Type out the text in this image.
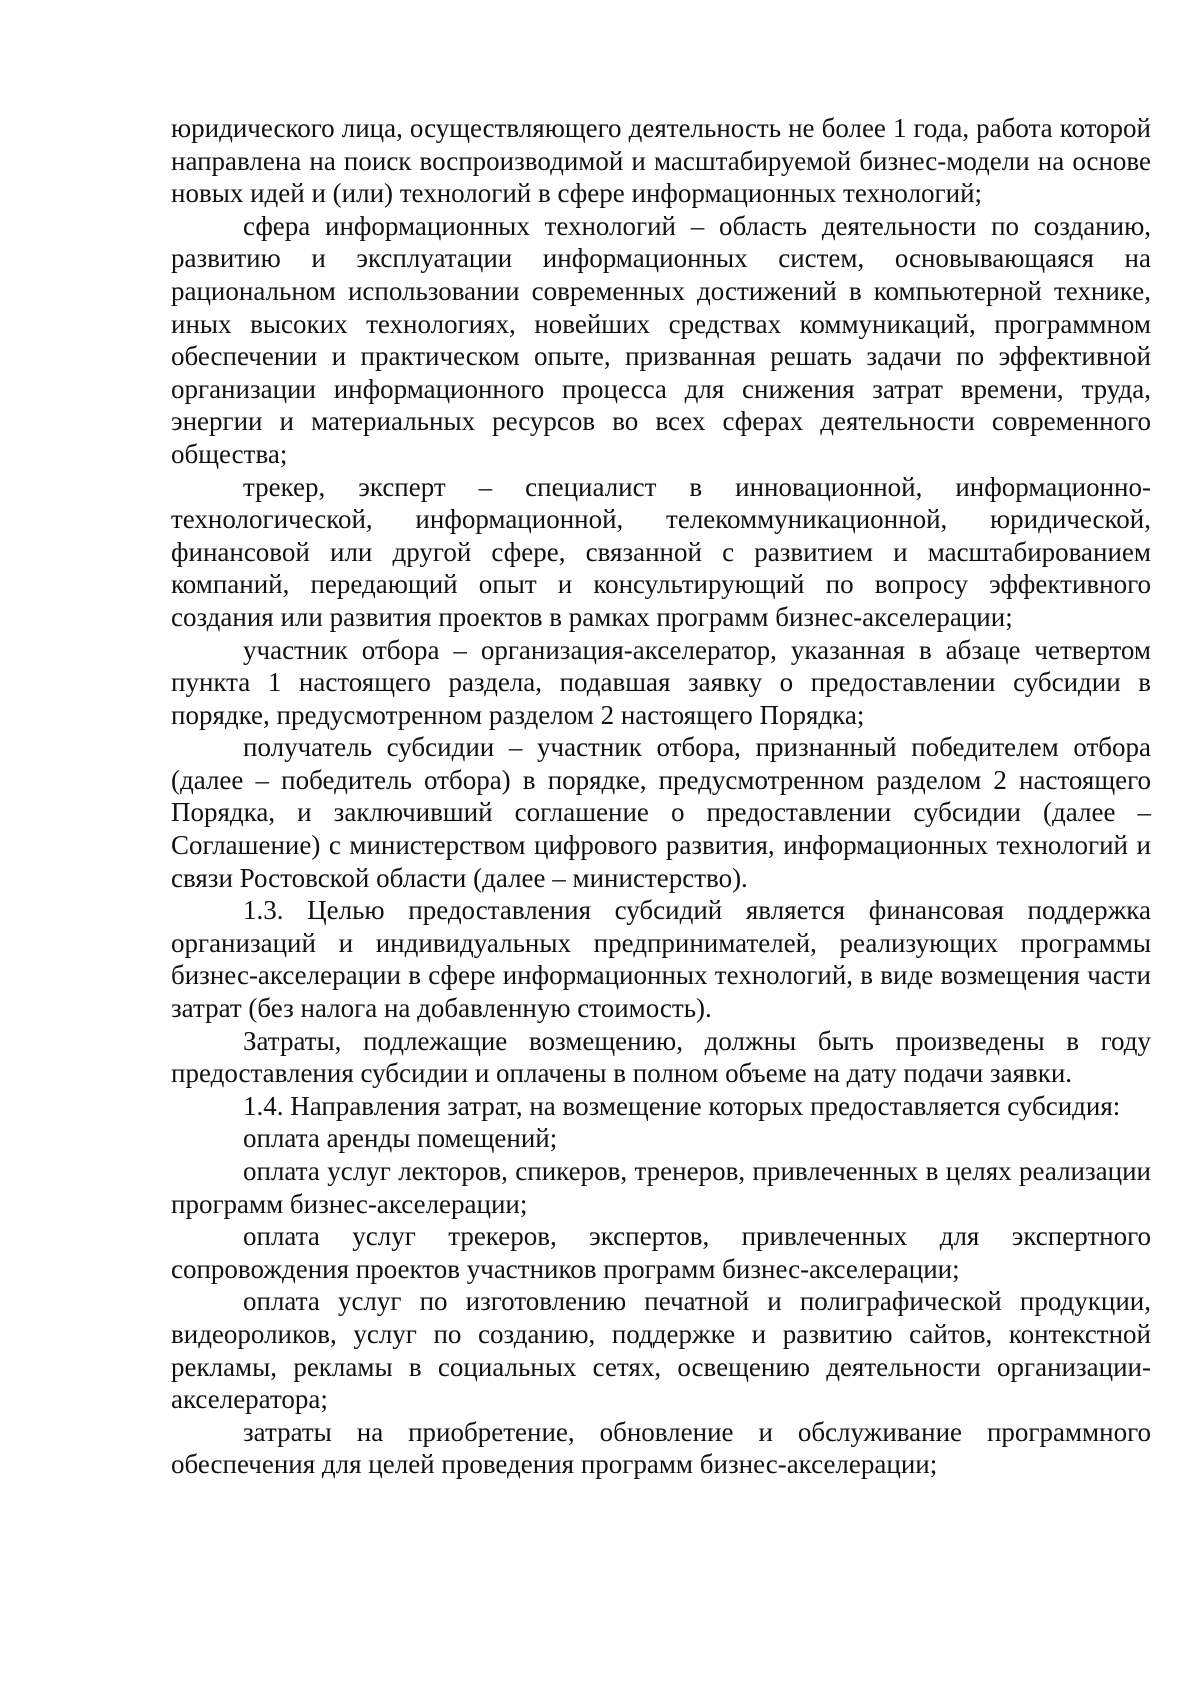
юридического лица, осуществляющего деятельность не более 1 года, работа которой направлена на поиск воспроизводимой и масштабируемой бизнес-модели на основе новых идей и (или) технологий в сфере информационных технологий;

сфера информационных технологий – область деятельности по созданию, развитию и эксплуатации информационных систем, основывающаяся на рациональном использовании современных достижений в компьютерной технике, иных высоких технологиях, новейших средствах коммуникаций, программном обеспечении и практическом опыте, призванная решать задачи по эффективной организации информационного процесса для снижения затрат времени, труда, энергии и материальных ресурсов во всех сферах деятельности современного общества;

трекер, эксперт – специалист в инновационной, информационно-технологической, информационной, телекоммуникационной, юридической, финансовой или другой сфере, связанной с развитием и масштабированием компаний, передающий опыт и консультирующий по вопросу эффективного создания или развития проектов в рамках программ бизнес-акселерации;

участник отбора – организация-акселератор, указанная в абзаце четвертом пункта 1 настоящего раздела, подавшая заявку о предоставлении субсидии в порядке, предусмотренном разделом 2 настоящего Порядка;

получатель субсидии – участник отбора, признанный победителем отбора (далее – победитель отбора) в порядке, предусмотренном разделом 2 настоящего Порядка, и заключивший соглашение о предоставлении субсидии (далее – Соглашение) с министерством цифрового развития, информационных технологий и связи Ростовской области (далее – министерство).

1.3. Целью предоставления субсидий является финансовая поддержка организаций и индивидуальных предпринимателей, реализующих программы бизнес-акселерации в сфере информационных технологий, в виде возмещения части затрат (без налога на добавленную стоимость).

Затраты, подлежащие возмещению, должны быть произведены в году предоставления субсидии и оплачены в полном объеме на дату подачи заявки.

1.4. Направления затрат, на возмещение которых предоставляется субсидия:

оплата аренды помещений;

оплата услуг лекторов, спикеров, тренеров, привлеченных в целях реализации программ бизнес-акселерации;

оплата услуг трекеров, экспертов, привлеченных для экспертного сопровождения проектов участников программ бизнес-акселерации;

оплата услуг по изготовлению печатной и полиграфической продукции, видеороликов, услуг по созданию, поддержке и развитию сайтов, контекстной рекламы, рекламы в социальных сетях, освещению деятельности организации-акселератора;

затраты на приобретение, обновление и обслуживание программного обеспечения для целей проведения программ бизнес-акселерации;
